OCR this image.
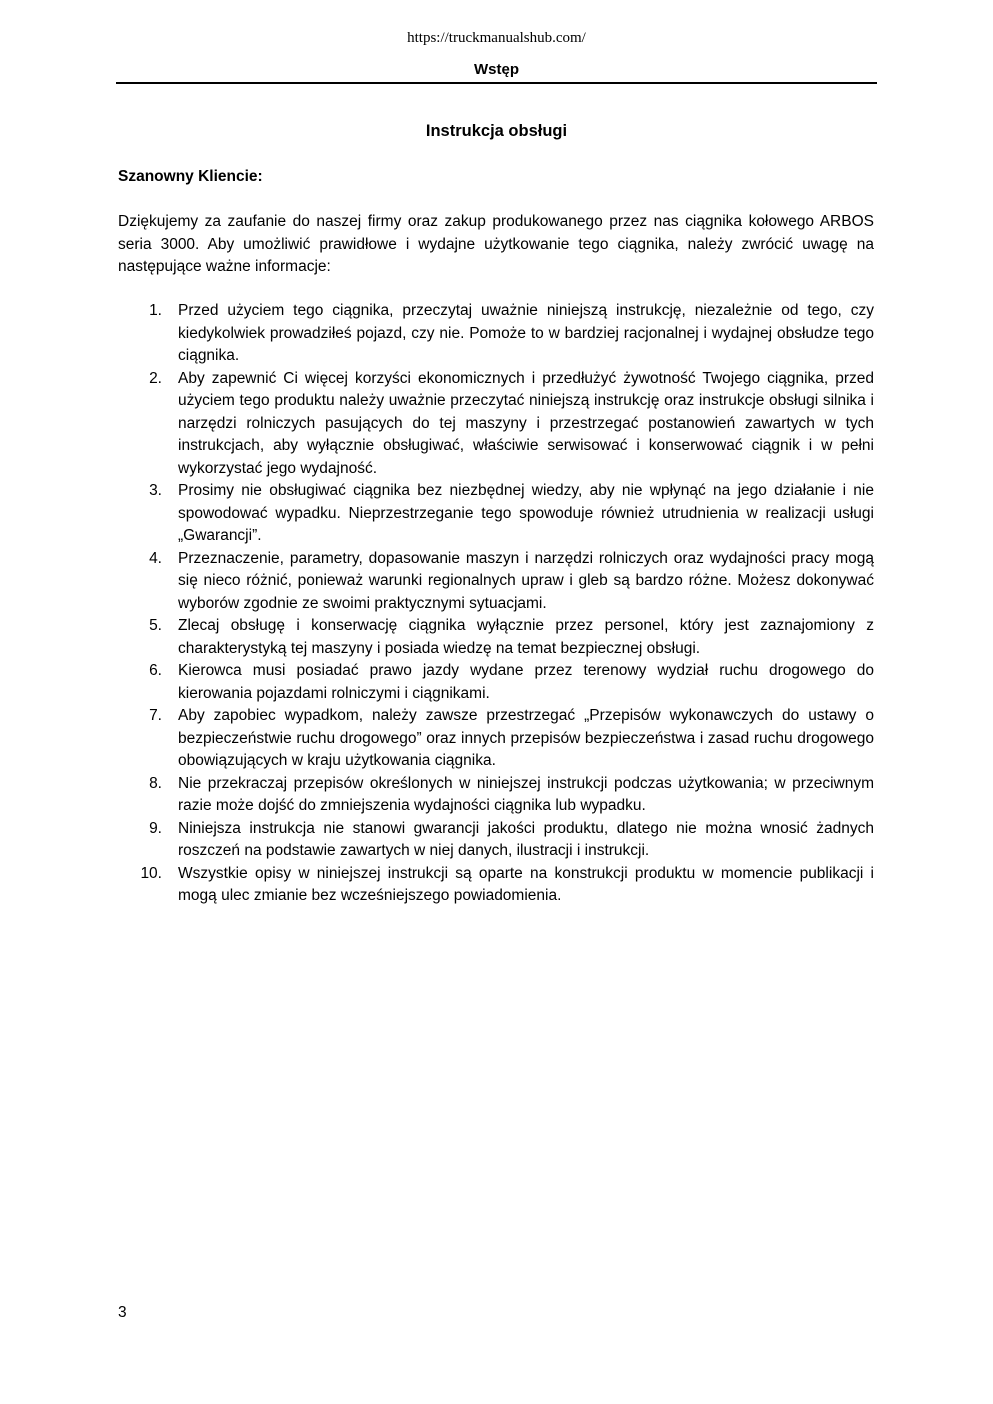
https://truckmanualshub.com/
Wstęp
Instrukcja obsługi
Szanowny Kliencie:

Dziękujemy za zaufanie do naszej firmy oraz zakup produkowanego przez nas ciągnika kołowego ARBOS seria 3000. Aby umożliwić prawidłowe i wydajne użytkowanie tego ciągnika, należy zwrócić uwagę na następujące ważne informacje:

1. Przed użyciem tego ciągnika, przeczytaj uważnie niniejszą instrukcję, niezależnie od tego, czy kiedykolwiek prowadziłeś pojazd, czy nie. Pomoże to w bardziej racjonalnej i wydajnej obsłudze tego ciągnika.
2. Aby zapewnić Ci więcej korzyści ekonomicznych i przedłużyć żywotność Twojego ciągnika, przed użyciem tego produktu należy uważnie przeczytać niniejszą instrukcję oraz instrukcje obsługi silnika i narzędzi rolniczych pasujących do tej maszyny i przestrzegać postanowień zawartych w tych instrukcjach, aby wyłącznie obsługiwać, właściwie serwisować i konserwować ciągnik i w pełni wykorzystać jego wydajność.
3. Prosimy nie obsługiwać ciągnika bez niezbędnej wiedzy, aby nie wpłynąć na jego działanie i nie spowodować wypadku. Nieprzestrzeganie tego spowoduje również utrudnienia w realizacji usługi „Gwarancji”.
4. Przeznaczenie, parametry, dopasowanie maszyn i narzędzi rolniczych oraz wydajności pracy mogą się nieco różnić, ponieważ warunki regionalnych upraw i gleb są bardzo różne. Możesz dokonywać wyborów zgodnie ze swoimi praktycznymi sytuacjami.
5. Zlecaj obsługę i konserwację ciągnika wyłącznie przez personel, który jest zaznajomiony z charakterystyką tej maszyny i posiada wiedzę na temat bezpiecznej obsługi.
6. Kierowca musi posiadać prawo jazdy wydane przez terenowy wydział ruchu drogowego do kierowania pojazdami rolniczymi i ciągnikami.
7. Aby zapobiec wypadkom, należy zawsze przestrzegać „Przepisów wykonawczych do ustawy o bezpieczeństwie ruchu drogowego” oraz innych przepisów bezpieczeństwa i zasad ruchu drogowego obowiązujących w kraju użytkowania ciągnika.
8. Nie przekraczaj przepisów określonych w niniejszej instrukcji podczas użytkowania; w przeciwnym razie może dojść do zmniejszenia wydajności ciągnika lub wypadku.
9. Niniejsza instrukcja nie stanowi gwarancji jakości produktu, dlatego nie można wnosić żadnych roszczeń na podstawie zawartych w niej danych, ilustracji i instrukcji.
10. Wszystkie opisy w niniejszej instrukcji są oparte na konstrukcji produktu w momencie publikacji i mogą ulec zmianie bez wcześniejszego powiadomienia.
3
